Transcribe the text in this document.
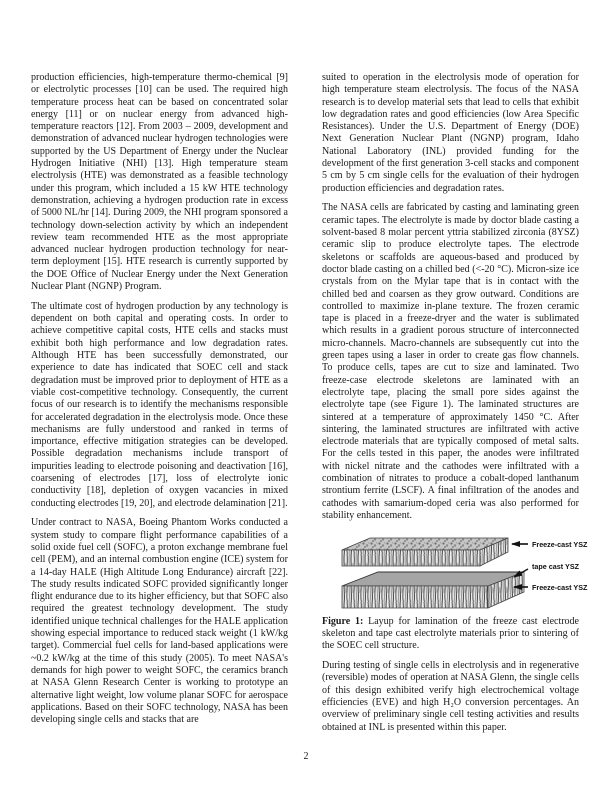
production efficiencies, high-temperature thermo-chemical [9] or electrolytic processes [10] can be used. The required high temperature process heat can be based on concentrated solar energy [11] or on nuclear energy from advanced high-temperature reactors [12]. From 2003 – 2009, development and demonstration of advanced nuclear hydrogen technologies were supported by the US Department of Energy under the Nuclear Hydrogen Initiative (NHI) [13]. High temperature steam electrolysis (HTE) was demonstrated as a feasible technology under this program, which included a 15 kW HTE technology demonstration, achieving a hydrogen production rate in excess of 5000 NL/hr [14]. During 2009, the NHI program sponsored a technology down-selection activity by which an independent review team recommended HTE as the most appropriate advanced nuclear hydrogen production technology for near-term deployment [15]. HTE research is currently supported by the DOE Office of Nuclear Energy under the Next Generation Nuclear Plant (NGNP) Program.

The ultimate cost of hydrogen production by any technology is dependent on both capital and operating costs. In order to achieve competitive capital costs, HTE cells and stacks must exhibit both high performance and low degradation rates. Although HTE has been successfully demonstrated, our experience to date has indicated that SOEC cell and stack degradation must be improved prior to deployment of HTE as a viable cost-competitive technology. Consequently, the current focus of our research is to identify the mechanisms responsible for accelerated degradation in the electrolysis mode. Once these mechanisms are fully understood and ranked in terms of importance, effective mitigation strategies can be developed. Possible degradation mechanisms include transport of impurities leading to electrode poisoning and deactivation [16], coarsening of electrodes [17], loss of electrolyte ionic conductivity [18], depletion of oxygen vacancies in mixed conducting electrodes [19, 20], and electrode delamination [21].

Under contract to NASA, Boeing Phantom Works conducted a system study to compare flight performance capabilities of a solid oxide fuel cell (SOFC), a proton exchange membrane fuel cell (PEM), and an internal combustion engine (ICE) system for a 14-day HALE (High Altitude Long Endurance) aircraft [22]. The study results indicated SOFC provided significantly longer flight endurance due to its higher efficiency, but that SOFC also required the greatest technology development. The study identified unique technical challenges for the HALE application showing especial importance to reduced stack weight (1 kW/kg target). Commercial fuel cells for land-based applications were ~0.2 kW/kg at the time of this study (2005). To meet NASA's demands for high power to weight SOFC, the ceramics branch at NASA Glenn Research Center is working to prototype an alternative light weight, low volume planar SOFC for aerospace applications. Based on their SOFC technology, NASA has been developing single cells and stacks that are

suited to operation in the electrolysis mode of operation for high temperature steam electrolysis. The focus of the NASA research is to develop material sets that lead to cells that exhibit low degradation rates and good efficiencies (low Area Specific Resistances). Under the U.S. Department of Energy (DOE) Next Generation Nuclear Plant (NGNP) program, Idaho National Laboratory (INL) provided funding for the development of the first generation 3-cell stacks and component 5 cm by 5 cm single cells for the evaluation of their hydrogen production efficiencies and degradation rates.

The NASA cells are fabricated by casting and laminating green ceramic tapes. The electrolyte is made by doctor blade casting a solvent-based 8 molar percent yttria stabilized zirconia (8YSZ) ceramic slip to produce electrolyte tapes. The electrode skeletons or scaffolds are aqueous-based and produced by doctor blade casting on a chilled bed (<-20 °C). Micron-size ice crystals from on the Mylar tape that is in contact with the chilled bed and coarsen as they grow outward. Conditions are controlled to maximize in-plane texture. The frozen ceramic tape is placed in a freeze-dryer and the water is sublimated which results in a gradient porous structure of interconnected micro-channels. Macro-channels are subsequently cut into the green tapes using a laser in order to create gas flow channels. To produce cells, tapes are cut to size and laminated. Two freeze-case electrode skeletons are laminated with an electrolyte tape, placing the small pore sides against the electrolyte tape (see Figure 1). The laminated structures are sintered at a temperature of approximately 1450 °C. After sintering, the laminated structures are infiltrated with active electrode materials that are typically composed of metal salts. For the cells tested in this paper, the anodes were infiltrated with nickel nitrate and the cathodes were infiltrated with a combination of nitrates to produce a cobalt-doped lanthanum strontium ferrite (LSCF). A final infiltration of the anodes and cathodes with samarium-doped ceria was also performed for stability enhancement.

Freeze-cast YSZ
tape cast YSZ
Freeze-cast YSZ

Figure 1: Layup for lamination of the freeze cast electrode skeleton and tape cast electrolyte materials prior to sintering of the SOEC cell structure.

During testing of single cells in electrolysis and in regenerative (reversible) modes of operation at NASA Glenn, the single cells of this design exhibited verify high electrochemical voltage efficiencies (EVE) and high H₂O conversion percentages. An overview of preliminary single cell testing activities and results obtained at INL is presented within this paper.

2
